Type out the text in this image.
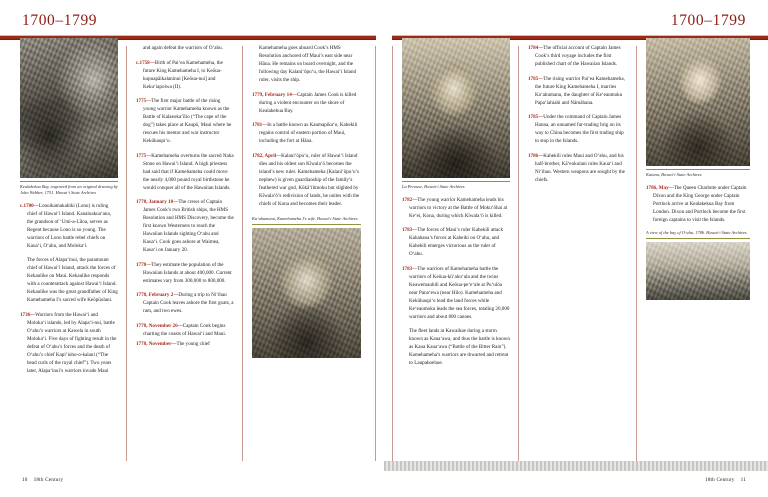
1700–1799
Kealakekua Bay, engraved from an original drawing by John Webber, 1751. Hawai‘i State Archives
c.1700—Lonoikamakahiki (Lono) is ruling chief of Hawai‘i Island. Kanaloakua‘ana, the grandson of ‘Umi-a-Līloa, serves as Regent because Lono is so young. The warriors of Lono battle rebel chiefs on Kaua‘i, O‘ahu, and Moloka‘i.
The forces of Alapa‘inui, the paramount chief of Hawai‘i Island, attack the forces of Kekaulike on Maui. Kekaulike responds with a counterattack against Hawai‘i Island. Kekaulike was the great grandfather of King Kamehameha I’s sacred wife Keōpūolani.
1736—Warriors from the Hawai‘i and Moloka‘i islands, led by Alapa‘i-nui, battle O‘ahu’s warriors at Kawela in south Moloka‘i. Five days of fighting result in the defeat of O‘ahu’s forces and the death of O‘ahu’s chief Kapi‘ioho-o-kalani (“The head curls of the royal chief”). Two years later, Alapa‘inui’s warriors invade Maui
and again defeat the warriors of O‘ahu.
c.1758—Birth of Pai‘ea Kamehameha, the future King Kamehameha I, to Keōua-kupuapāikalaninui [Keōua-nui] and Keku‘iapoiwa (II).
1775—The first major battle of the rising young warrior Kamehameha known as the Battle of Kalaeoka‘īlio (“The cape of the dog”) takes place at Kaupō, Maui where he rescues his mentor and war instructor Kekūhaupi‘o.
1775—Kamehameha overturns the sacred Naha Stone on Hawai‘i Island. A high priestess had said that if Kamehameha could move the nearly 4,000 pound royal birthstone he would conquer all of the Hawaiian Islands.
1778, January 18—The crews of Captain James Cook’s two British ships, the HMS Resolution and HMS Discovery, become the first known Westerners to reach the Hawaiian Islands sighting O‘ahu and Kaua‘i. Cook goes ashore at Waimea, Kaua‘i on January 20.
1778—They estimate the population of the Hawaiian Islands at about 400,000. Current estimates vary from 300,000 to 800,000.
1778, February 2—During a trip to Ni‘ihau Captain Cook leaves ashore the first goats, a ram, and two ewes.
1778, November 26—Captain Cook begins charting the coasts of Hawai‘i and Maui.
1778, November—The young chief
Kamehameha goes aboard Cook’s HMS Resolution anchored off Maui’s east side near Hāna. He remains on board overnight, and the following day Kalani‘ōpu‘u, the Hawai‘i Island ruler, visits the ship.
1779, February 14—Captain James Cook is killed during a violent encounter on the shore of Kealakekua Bay.
1781—In a battle known as Kaumapika‘o, Kahekili regains control of eastern portion of Maui, including the fort at Hāna.
1782, April—Kalani‘ōpu‘u, ruler of Hawai‘i Island dies and his oldest son Kīwala‘ō becomes the island’s new ruler. Kamehameha (Kalani‘ōpu‘u’s nephew) is given guardianship of the family’s feathered war god, Kūkā‘ilimoku but slighted by Kīwala‘ō’s redivision of lands, he unites with the chiefs of Kona and becomes their leader.
Ka‘ahumanu, Kamehameha I’s wife. Hawai‘i State Archives
10 18th Century
1700–1799
La Perouse, Hawai‘i State Archives
1782—The young warrior Kamehameha leads his warriors to victory at the Battle of Moku‘ōhai at Ke‘ei, Kona, during which Kīwala‘ō is killed.
1783—The forces of Maui’s ruler Kahekili attack Kahahana’s forces at Kaheiki on O‘ahu, and Kahekili emerges victorious as the ruler of O‘ahu.
1783—The warriors of Kamehameha battle the warriors of Keōua-kū‘ahu‘ula and the twins Keawemauhili and Keōua-pe‘e‘ale at Pu‘ulōa near Pana‘ewa (near Hilo). Kamehameha and Kekūhaupi‘o lead the land forces while Ke‘eaumoku leads the sea forces, totaling 20,000 warriors and about 800 canoes.
The fleet lands at Kawaihae during a storm known as Kaua‘awa, and thus the battle is known as Kaua Kaua‘awa (“Battle of the Bitter Rain”). Kamehameha’s warriors are thwarted and retreat to Laupahoehoe.
1784—The official account of Captain James Cook’s third voyage includes the first published chart of the Hawaiian Islands.
1785—The rising warrior Pai‘ea Kamehameha, the future King Kamehameha I, marries Ka‘ahumanu, the daughter of Ke‘eaumoku Papa‘iahiahi and Nāmāhana.
1785—Under the command of Captain James Hanna, an unnamed fur-trading brig on its way to China becomes the first trading ship to stop in the Islands.
1786—Kahekili rules Maui and O‘ahu, and his half-brother, Kā‘eokulani rules Kaua‘i and Ni‘ihau. Western weapons are sought by the chiefs.
Kaiana, Hawai‘i State Archives
1786, May—The Queen Charlotte under Captain Dixon and the King George under Captain Portlock arrive at Kealakekua Bay from London. Dixon and Portlock become the first foreign captains to visit the Islands.
A view of the bay of O‘ahu, 1786. Hawai‘i State Archives
18th Century 11
